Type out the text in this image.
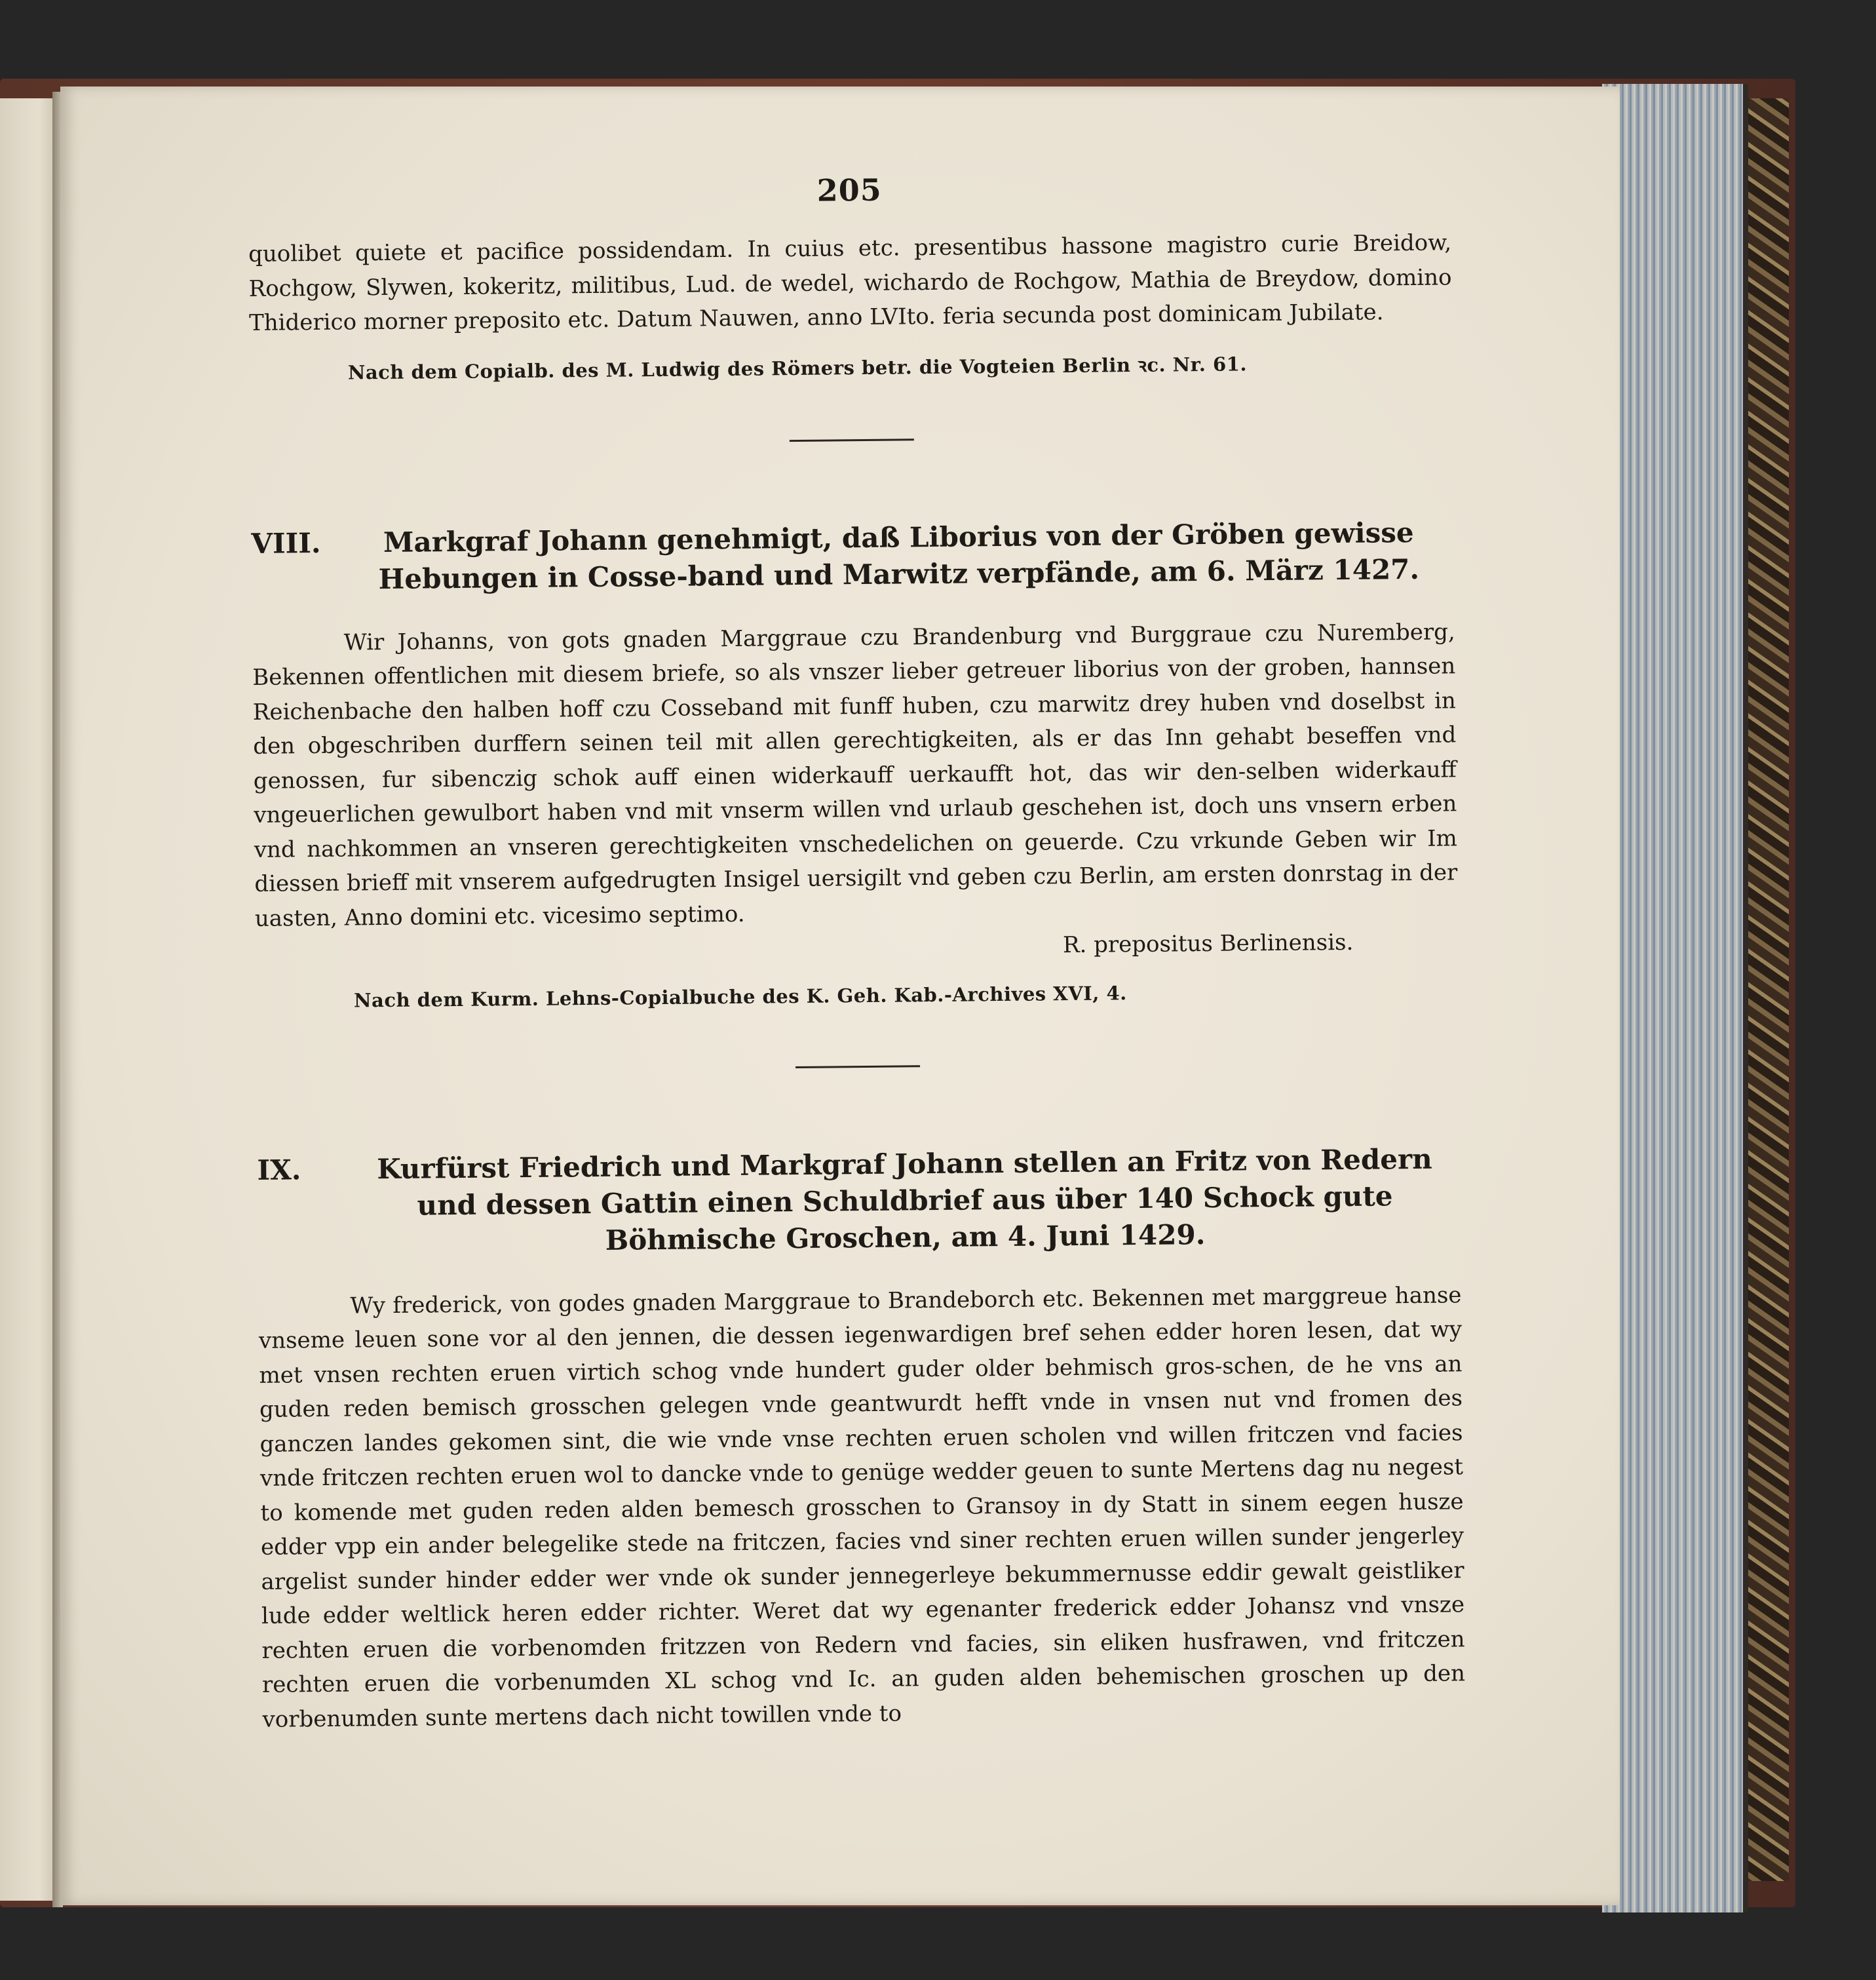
205

quolibet quiete et pacifice possidendam. In cuius etc. presentibus hassone magistro curie Breidow, Rochgow, Slywen, kokeritz, militibus, Lud. de wedel, wichardo de Rochgow, Mathia de Breydow, domino Thiderico morner preposito etc. Datum Nauwen, anno LVIto. feria secunda post dominicam Jubilate.

Nach dem Copialb. des M. Ludwig des Römers betr. die Vogteien Berlin ꝛc. Nr. 61.
VIII.	Markgraf Johann genehmigt, daß Liborius von der Gröben gewisse Hebungen in Cosse-band und Marwitz verpfände, am 6. März 1427.

Wir Johanns, von gots gnaden Marggraue czu Brandenburg vnd Burggraue czu Nuremberg, Bekennen offentlichen mit diesem briefe, so als vnszer lieber getreuer liborius von der groben, hannsen Reichenbache den halben hoff czu Cosseband mit funff huben, czu marwitz drey huben vnd doselbst in den obgeschriben durffern seinen teil mit allen gerechtigkeiten, als er das Inn gehabt beseffen vnd genossen, fur sibenczig schok auff einen widerkauff uerkaufft hot, das wir den-selben widerkauff vngeuerlichen gewulbort haben vnd mit vnserm willen vnd urlaub geschehen ist, doch uns vnsern erben vnd nachkommen an vnseren gerechtigkeiten vnschedelichen on geuerde. Czu vrkunde Geben wir Im diessen brieff mit vnserem aufgedrugten Insigel uersigilt vnd geben czu Berlin, am ersten donrstag in der uasten, Anno domini etc. vicesimo septimo.

R. prepositus Berlinensis.
Nach dem Kurm. Lehns-Copialbuche des K. Geh. Kab.-Archives XVI, 4.
IX.	Kurfürst Friedrich und Markgraf Johann stellen an Fritz von Redern und dessen Gattin einen Schuldbrief aus über 140 Schock gute Böhmische Groschen, am 4. Juni 1429.

Wy frederick, von godes gnaden Marggraue to Brandeborch etc. Bekennen met marggreue hanse vnseme leuen sone vor al den jennen, die dessen iegenwardigen bref sehen edder horen lesen, dat wy met vnsen rechten eruen virtich schog vnde hundert guder older behmisch gros-schen, de he vns an guden reden bemisch grosschen gelegen vnde geantwurdt hefft vnde in vnsen nut vnd fromen des ganczen landes gekomen sint, die wie vnde vnse rechten eruen scholen vnd willen fritczen vnd facies vnde fritczen rechten eruen wol to dancke vnde to genüge wedder geuen to sunte Mertens dag nu negest to komende met guden reden alden bemesch grosschen to Gransoy in dy Statt in sinem eegen husze edder vpp ein ander belegelike stede na fritczen, facies vnd siner rechten eruen willen sunder jengerley argelist sunder hinder edder wer vnde ok sunder jennegerleye bekummernusse eddir gewalt geistliker lude edder weltlick heren edder richter. Weret dat wy egenanter frederick edder Johansz vnd vnsze rechten eruen die vorbenomden fritzzen von Redern vnd facies, sin eliken husfrawen, vnd fritczen rechten eruen die vorbenumden XL schog vnd Ic. an guden alden behemischen groschen up den vorbenumden sunte mertens dach nicht towillen vnde to
